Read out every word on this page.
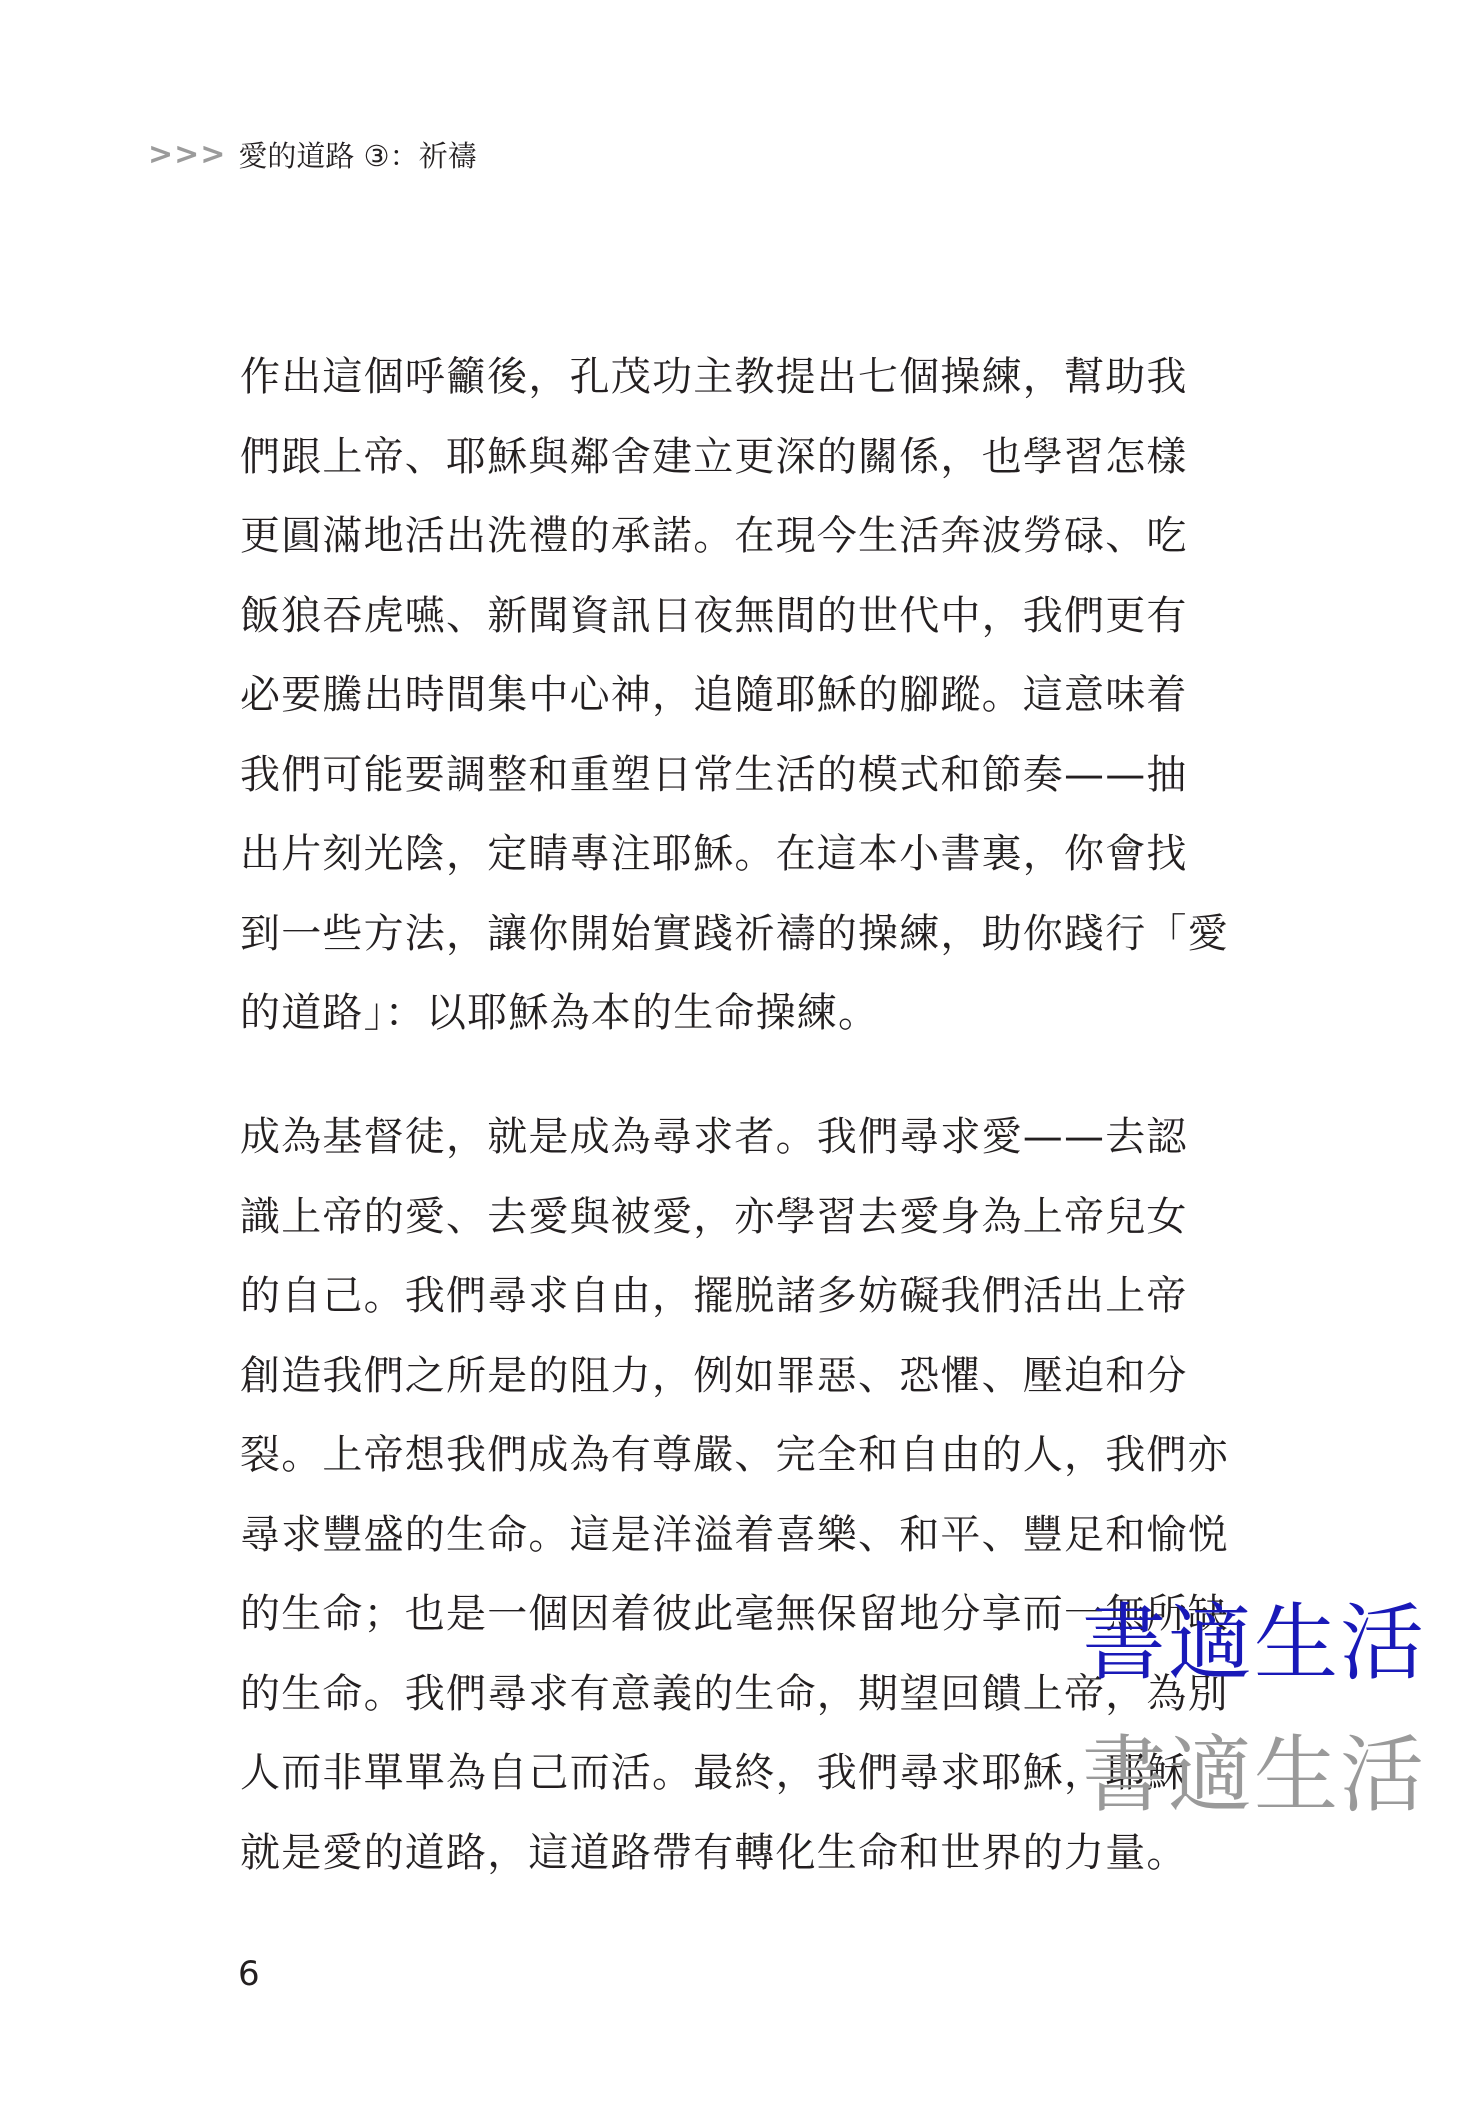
>>> 愛的道路 ③：祈禱
作出這個呼籲後，孔茂功主教提出七個操練，幫助我
們跟上帝、耶穌與鄰舍建立更深的關係，也學習怎樣
更圓滿地活出洗禮的承諾。在現今生活奔波勞碌、吃
飯狼吞虎嚥、新聞資訊日夜無間的世代中，我們更有
必要騰出時間集中心神，追隨耶穌的腳蹤。這意味着
我們可能要調整和重塑日常生活的模式和節奏——抽
出片刻光陰，定睛專注耶穌。在這本小書裏，你會找
到一些方法，讓你開始實踐祈禱的操練，助你踐行「愛
的道路」：以耶穌為本的生命操練。
成為基督徒，就是成為尋求者。我們尋求愛——去認
識上帝的愛、去愛與被愛，亦學習去愛身為上帝兒女
的自己。我們尋求自由，擺脱諸多妨礙我們活出上帝
創造我們之所是的阻力，例如罪惡、恐懼、壓迫和分
裂。上帝想我們成為有尊嚴、完全和自由的人，我們亦
尋求豐盛的生命。這是洋溢着喜樂、和平、豐足和愉悦
的生命；也是一個因着彼此毫無保留地分享而一無所缺
的生命。我們尋求有意義的生命，期望回饋上帝，為別
人而非單單為自己而活。最終，我們尋求耶穌，耶穌
就是愛的道路，這道路帶有轉化生命和世界的力量。
6
書適生活
書適生活
